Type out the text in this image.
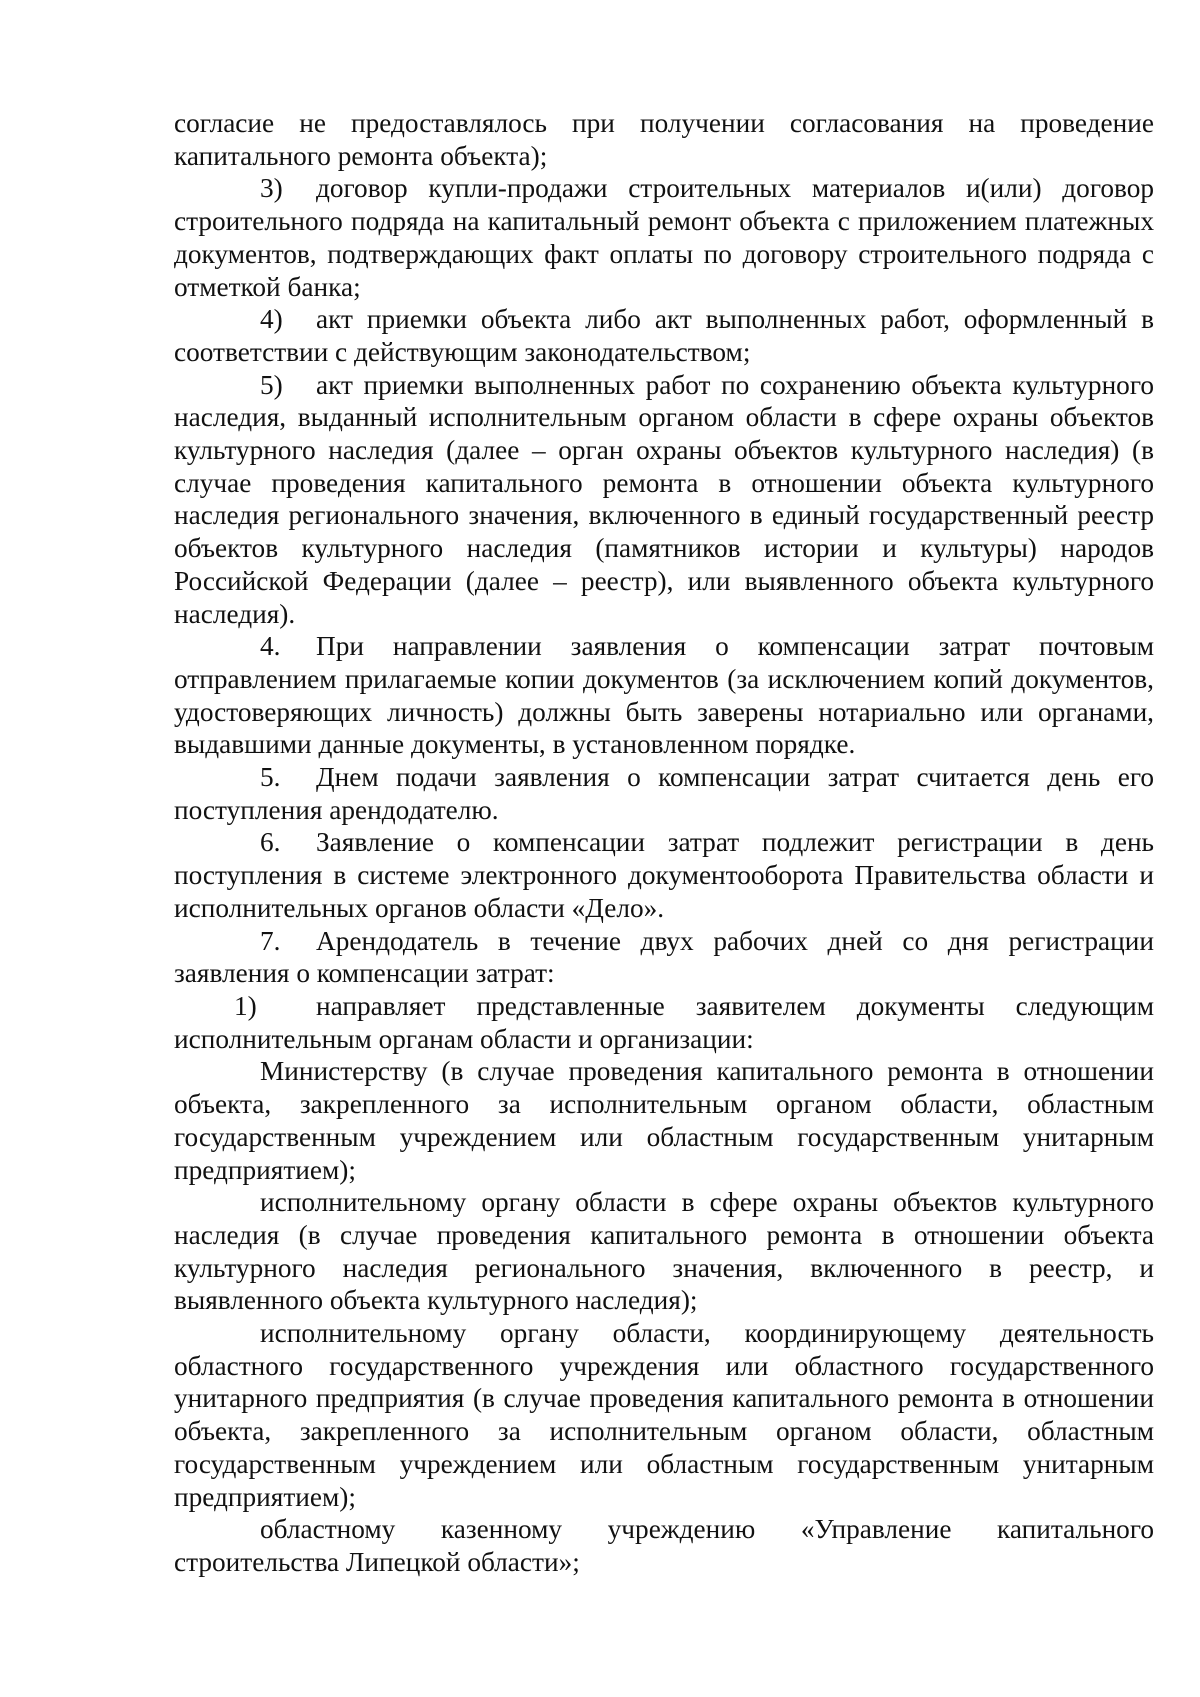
согласие не предоставлялось при получении согласования на проведение капитального ремонта объекта);

3) договор купли-продажи строительных материалов и(или) договор строительного подряда на капитальный ремонт объекта с приложением платежных документов, подтверждающих факт оплаты по договору строительного подряда с отметкой банка;

4) акт приемки объекта либо акт выполненных работ, оформленный в соответствии с действующим законодательством;

5) акт приемки выполненных работ по сохранению объекта культурного наследия, выданный исполнительным органом области в сфере охраны объектов культурного наследия (далее – орган охраны объектов культурного наследия) (в случае проведения капитального ремонта в отношении объекта культурного наследия регионального значения, включенного в единый государственный реестр объектов культурного наследия (памятников истории и культуры) народов Российской Федерации (далее – реестр), или выявленного объекта культурного наследия).

4. При направлении заявления о компенсации затрат почтовым отправлением прилагаемые копии документов (за исключением копий документов, удостоверяющих личность) должны быть заверены нотариально или органами, выдавшими данные документы, в установленном порядке.

5. Днем подачи заявления о компенсации затрат считается день его поступления арендодателю.

6. Заявление о компенсации затрат подлежит регистрации в день поступления в системе электронного документооборота Правительства области и исполнительных органов области «Дело».

7. Арендодатель в течение двух рабочих дней со дня регистрации заявления о компенсации затрат:

1) направляет представленные заявителем документы следующим исполнительным органам области и организации:

Министерству (в случае проведения капитального ремонта в отношении объекта, закрепленного за исполнительным органом области, областным государственным учреждением или областным государственным унитарным предприятием);

исполнительному органу области в сфере охраны объектов культурного наследия (в случае проведения капитального ремонта в отношении объекта культурного наследия регионального значения, включенного в реестр, и выявленного объекта культурного наследия);

исполнительному органу области, координирующему деятельность областного государственного учреждения или областного государственного унитарного предприятия (в случае проведения капитального ремонта в отношении объекта, закрепленного за исполнительным органом области, областным государственным учреждением или областным государственным унитарным предприятием);

областному казенному учреждению «Управление капитального строительства Липецкой области»;
